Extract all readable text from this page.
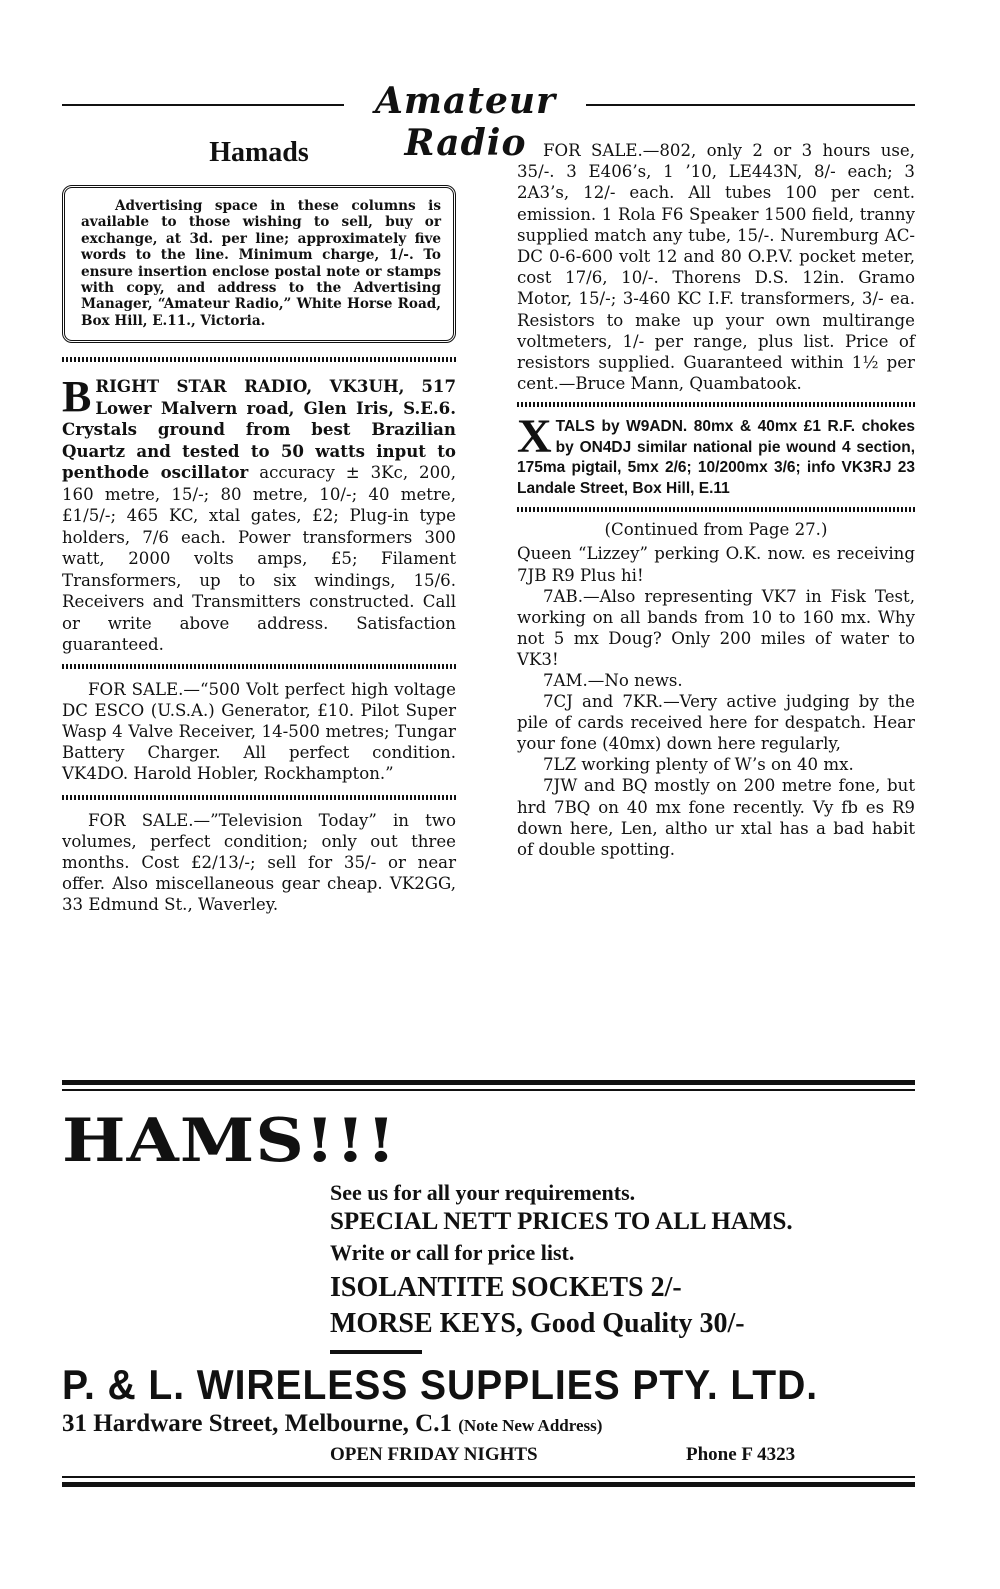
Amateur Radio
Hamads
Advertising space in these columns is available to those wishing to sell, buy or exchange, at 3d. per line; approximately five words to the line. Minimum charge, 1/-. To ensure insertion enclose postal note or stamps with copy, and address to the Advertising Manager, “Amateur Radio,” White Horse Road, Box Hill, E.11., Victoria.

B RIGHT STAR RADIO, VK3UH, 517 Lower Malvern road, Glen Iris, S.E.6. Crystals ground from best Brazilian Quartz and tested to 50 watts input to penthode oscillator accuracy ± 3Kc, 200, 160 metre, 15/-; 80 metre, 10/-; 40 metre, £1/5/-; 465 KC, xtal gates, £2; Plug-in type holders, 7/6 each. Power transformers 300 watt, 2000 volts amps, £5; Filament Transformers, up to six windings, 15/6. Receivers and Transmitters constructed. Call or write above address. Satisfaction guaranteed.

FOR SALE.—“500 Volt perfect high voltage DC ESCO (U.S.A.) Generator, £10. Pilot Super Wasp 4 Valve Receiver, 14-500 metres; Tungar Battery Charger. All perfect condition. VK4DO. Harold Hobler, Rockhampton.”

FOR SALE.—”Television Today” in two volumes, perfect condition; only out three months. Cost £2/13/-; sell for 35/- or near offer. Also miscellaneous gear cheap. VK2GG, 33 Edmund St., Waverley.

FOR SALE.—802, only 2 or 3 hours use, 35/-. 3 E406’s, 1 ’10, LE443N, 8/- each; 3 2A3’s, 12/- each. All tubes 100 per cent. emission. 1 Rola F6 Speaker 1500 field, tranny supplied match any tube, 15/-. Nuremburg AC-DC 0-6-600 volt 12 and 80 O.P.V. pocket meter, cost 17/6, 10/-. Thorens D.S. 12in. Gramo Motor, 15/-; 3-460 KC I.F. transformers, 3/- ea. Resistors to make up your own multirange voltmeters, 1/- per range, plus list. Price of resistors supplied. Guaranteed within 1½ per cent.—Bruce Mann, Quambatook.

X TALS by W9ADN. 80mx & 40mx £1 R.F. chokes by ON4DJ similar national pie wound 4 section, 175ma pigtail, 5mx 2/6; 10/200mx 3/6; info VK3RJ 23 Landale Street, Box Hill, E.11

(Continued from Page 27.)

Queen “Lizzey” perking O.K. now. es receiving 7JB R9 Plus hi!

7AB.—Also representing VK7 in Fisk Test, working on all bands from 10 to 160 mx. Why not 5 mx Doug? Only 200 miles of water to VK3!

7AM.—No news.

7CJ and 7KR.—Very active judging by the pile of cards received here for despatch. Hear your fone (40mx) down here regularly,

7LZ working plenty of W’s on 40 mx.

7JW and BQ mostly on 200 metre fone, but hrd 7BQ on 40 mx fone recently. Vy fb es R9 down here, Len, altho ur xtal has a bad habit of double spotting.

HAMS!!!
See us for all your requirements.
SPECIAL NETT PRICES TO ALL HAMS.
Write or call for price list.
ISOLANTITE SOCKETS 2/-
MORSE KEYS, Good Quality 30/-
P. & L. WIRELESS SUPPLIES PTY. LTD.
31 Hardware Street, Melbourne, C.1 (Note New Address)
OPEN FRIDAY NIGHTS	Phone F 4323
